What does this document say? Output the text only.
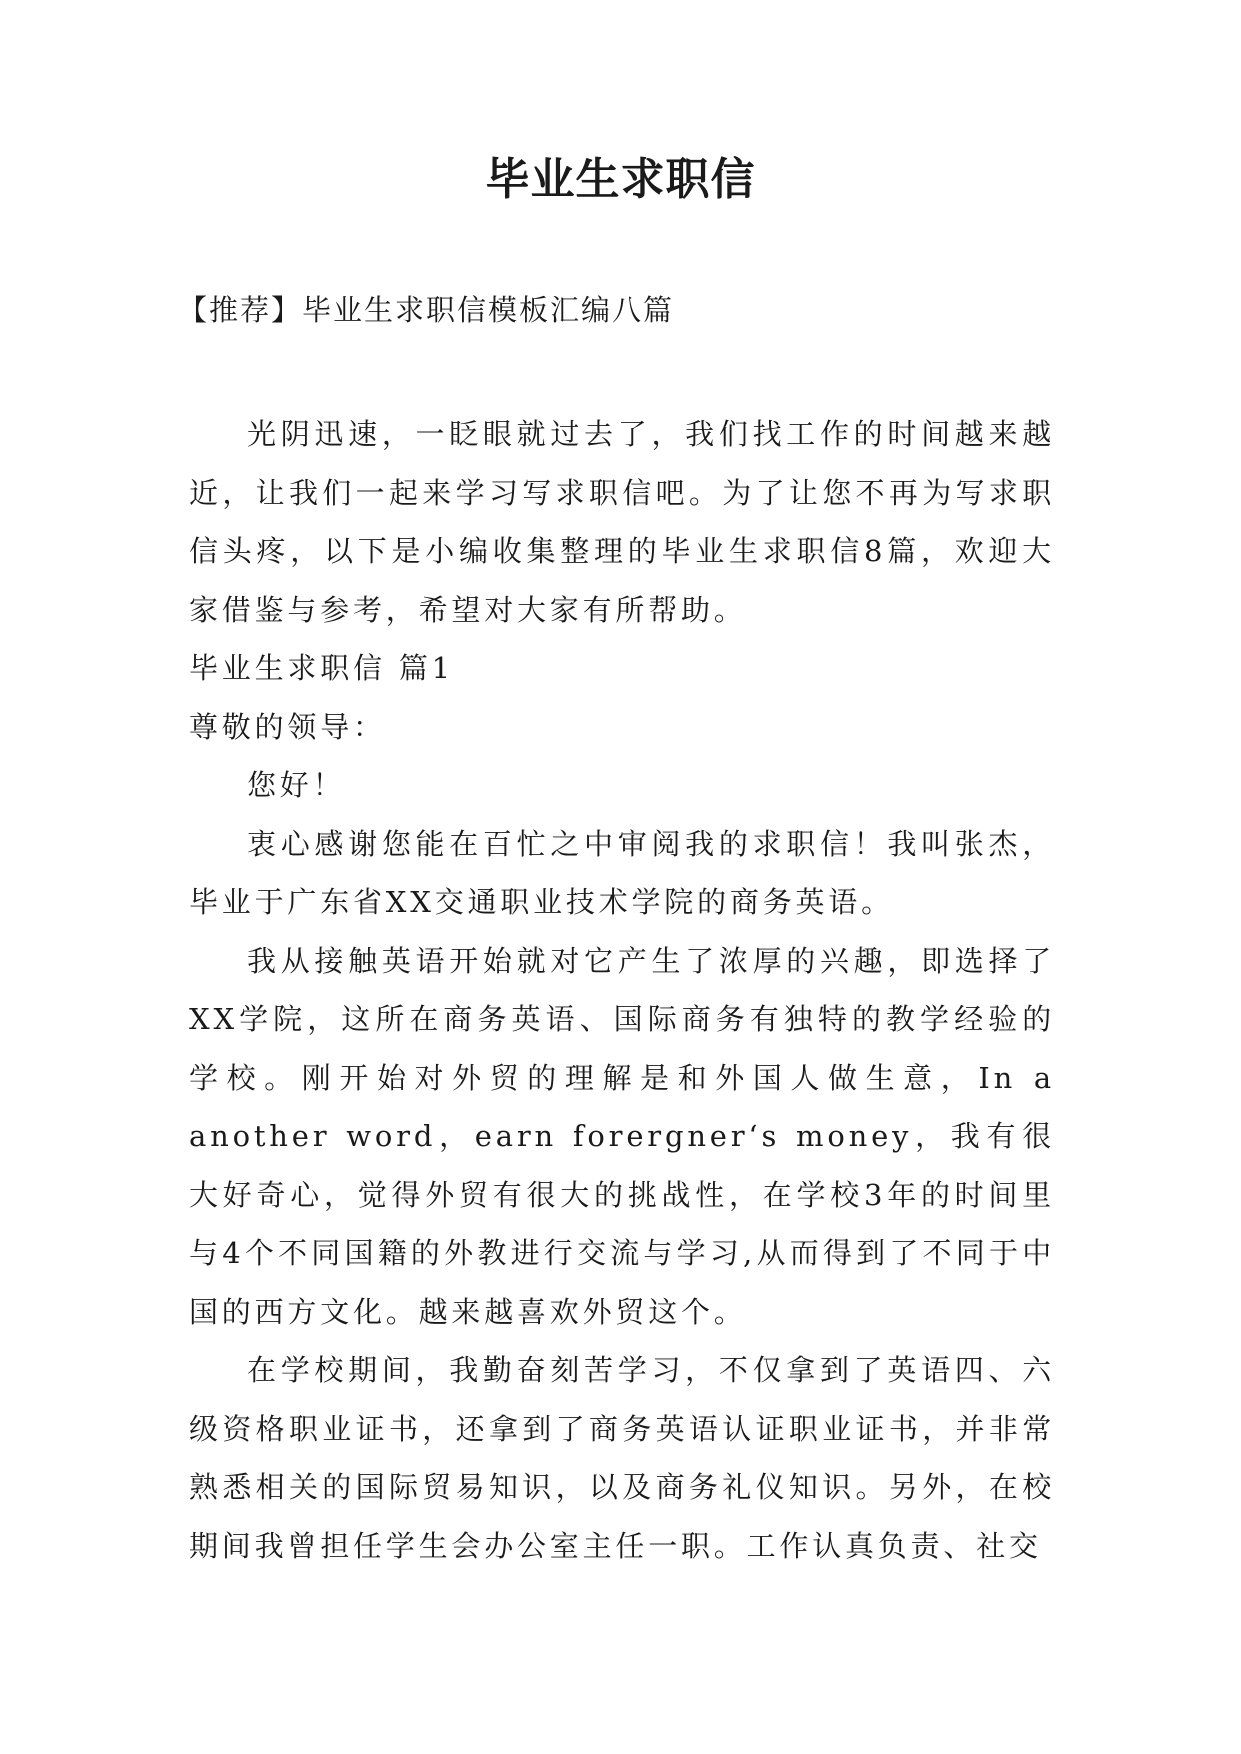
毕业生求职信
【推荐】毕业生求职信模板汇编八篇

光阴迅速，一眨眼就过去了，我们找工作的时间越来越近，让我们一起来学习写求职信吧。为了让您不再为写求职信头疼，以下是小编收集整理的毕业生求职信8篇，欢迎大家借鉴与参考，希望对大家有所帮助。

毕业生求职信 篇1

尊敬的领导：

您好！

衷心感谢您能在百忙之中审阅我的求职信！我叫张杰，毕业于广东省XX交通职业技术学院的商务英语。

我从接触英语开始就对它产生了浓厚的兴趣，即选择了XX学院，这所在商务英语、国际商务有独特的教学经验的学校。刚开始对外贸的理解是和外国人做生意，In a another word，earn forergner‘s money，我有很大好奇心，觉得外贸有很大的挑战性，在学校3年的时间里与4个不同国籍的外教进行交流与学习,从而得到了不同于中国的西方文化。越来越喜欢外贸这个。

在学校期间，我勤奋刻苦学习，不仅拿到了英语四、六级资格职业证书，还拿到了商务英语认证职业证书，并非常熟悉相关的国际贸易知识，以及商务礼仪知识。另外，在校期间我曾担任学生会办公室主任一职。工作认真负责、社交
